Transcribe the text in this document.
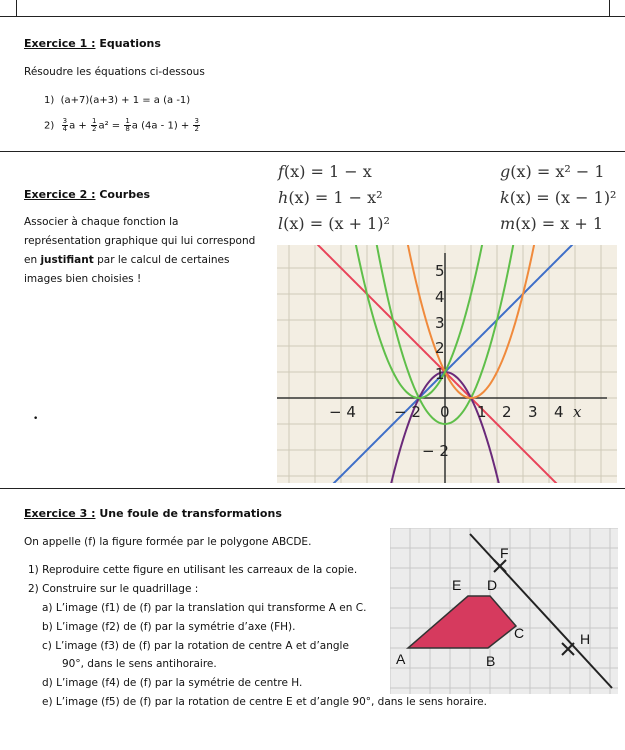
Exercice 1 : Equations
Résoudre les équations ci-dessous
1) (a+7)(a+3) + 1 = a (a -1)
$2) \frac{3}{4}$ $a + \frac{1}{2} a^2 = \frac{1}{8}$ a $(4a - 1) + \frac{3}{2}$
Exercice 2 : Courbes
Associer à chaque fonction la
représentation graphique qui lui correspond
en justifiant par le calcul de certaines
images bien choisies !
•
f(x) = 1 − x
h(x) = 1 − x²
l(x) = (x + 1)²
g(x) = x² − 1
k(x) = (x − 1)²
m(x) = x + 1
− 4	− 2 0 1 2 3 4 x
5
4
3
2
1
− 2
Exercice 3 : Une foule de transformations
On appelle (f) la figure formée par le polygone ABCDE.
1) Reproduire cette figure en utilisant les carreaux de la copie.
2) Construire sur le quadrillage :
a) L’image (f1) de (f) par la translation qui transforme A en C.
b) L’image (f2) de (f) par la symétrie d’axe (FH).
c) L’image (f3) de (f) par la rotation de centre A et d’angle
90°, dans le sens antihoraire.
d) L’image (f4) de (f) par la symétrie de centre H.
e) L’image (f5) de (f) par la rotation de centre E et d’angle 90°, dans le sens horaire.
F
E D
C	H
A	B
